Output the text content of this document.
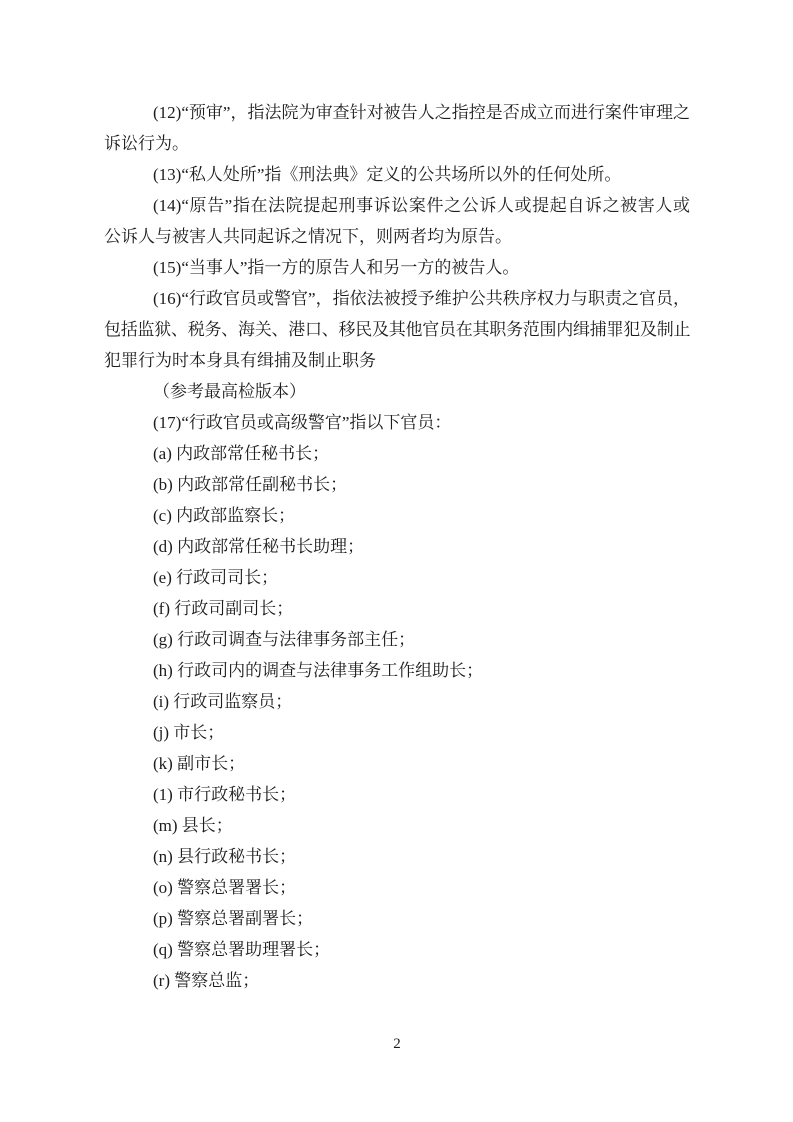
(12)“预审”，指法院为审查针对被告人之指控是否成立而进行案件审理之
诉讼行为。
(13)“私人处所”指《刑法典》定义的公共场所以外的任何处所。
(14)“原告”指在法院提起刑事诉讼案件之公诉人或提起自诉之被害人或
公诉人与被害人共同起诉之情况下，则两者均为原告。
(15)“当事人”指一方的原告人和另一方的被告人。
(16)“行政官员或警官”，指依法被授予维护公共秩序权力与职责之官员，
包括监狱、税务、海关、港口、移民及其他官员在其职务范围内缉捕罪犯及制止
犯罪行为时本身具有缉捕及制止职务
（参考最高检版本）
(17)“行政官员或高级警官”指以下官员：
(a) 内政部常任秘书长；
(b) 内政部常任副秘书长；
(c) 内政部监察长；
(d) 内政部常任秘书长助理；
(e) 行政司司长；
(f) 行政司副司长；
(g) 行政司调查与法律事务部主任；
(h) 行政司内的调查与法律事务工作组助长；
(i) 行政司监察员；
(j) 市长；
(k) 副市长；
(1) 市行政秘书长；
(m) 县长；
(n) 县行政秘书长；
(o) 警察总署署长；
(p) 警察总署副署长；
(q) 警察总署助理署长；
(r) 警察总监；
2
